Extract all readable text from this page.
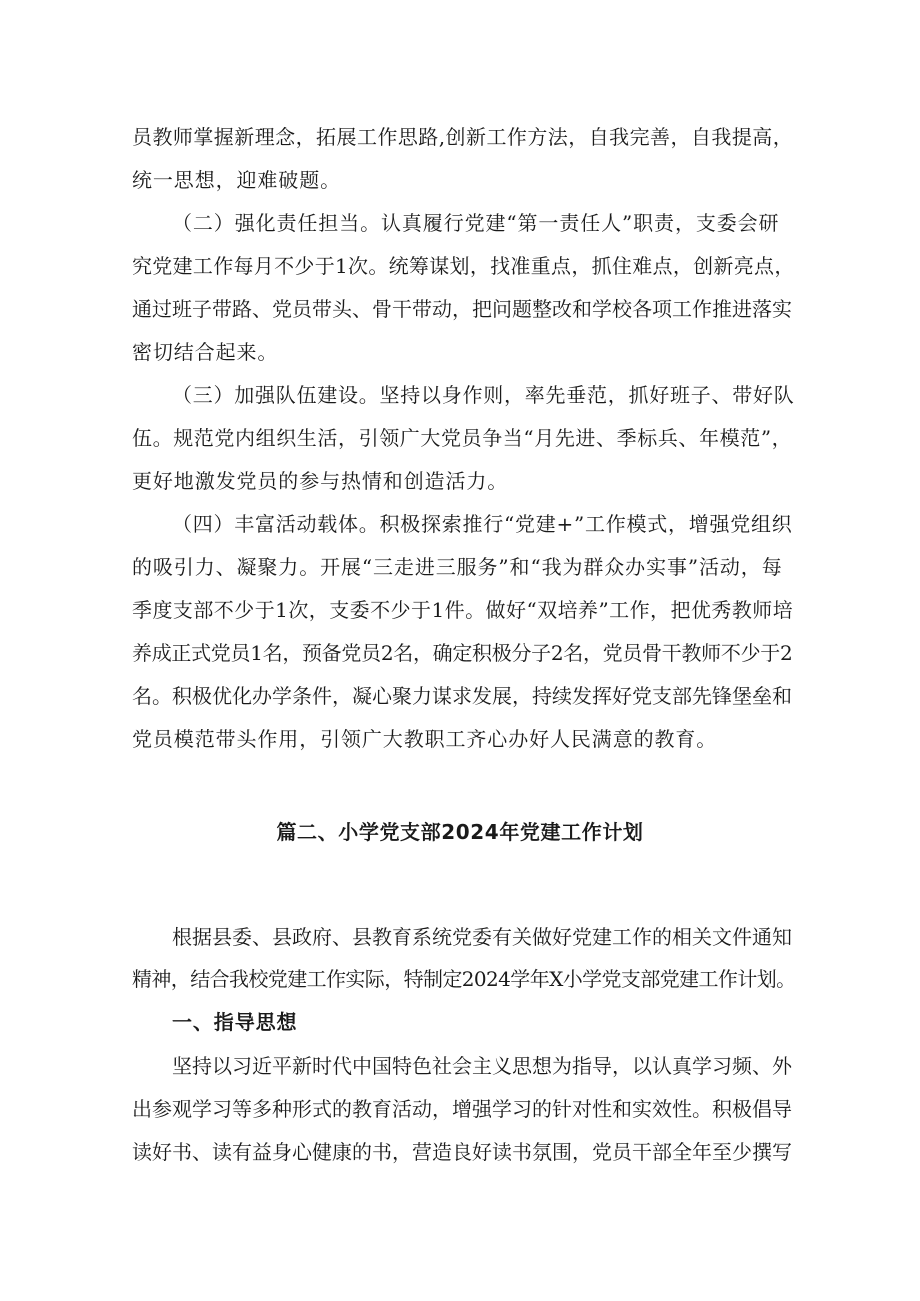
员教师掌握新理念，拓展工作思路,创新工作方法，自我完善，自我提高，
统一思想，迎难破题。
（二）强化责任担当。认真履行党建“第一责任人”职责，支委会研
究党建工作每月不少于1次。统筹谋划，找准重点，抓住难点，创新亮点，
通过班子带路、党员带头、骨干带动，把问题整改和学校各项工作推进落实
密切结合起来。
（三）加强队伍建设。坚持以身作则，率先垂范，抓好班子、带好队
伍。规范党内组织生活，引领广大党员争当“月先进、季标兵、年模范”，
更好地激发党员的参与热情和创造活力。
（四）丰富活动载体。积极探索推行“党建+”工作模式，增强党组织
的吸引力、凝聚力。开展“三走进三服务”和“我为群众办实事”活动，每
季度支部不少于1次，支委不少于1件。做好“双培养”工作，把优秀教师培
养成正式党员1名，预备党员2名，确定积极分子2名，党员骨干教师不少于2
名。积极优化办学条件，凝心聚力谋求发展，持续发挥好党支部先锋堡垒和
党员模范带头作用，引领广大教职工齐心办好人民满意的教育。
篇二、小学党支部2024年党建工作计划
根据县委、县政府、县教育系统党委有关做好党建工作的相关文件通知
精神，结合我校党建工作实际，特制定2024学年X小学党支部党建工作计划。
一、指导思想
坚持以习近平新时代中国特色社会主义思想为指导，以认真学习频、外
出参观学习等多种形式的教育活动，增强学习的针对性和实效性。积极倡导
读好书、读有益身心健康的书，营造良好读书氛围，党员干部全年至少撰写
